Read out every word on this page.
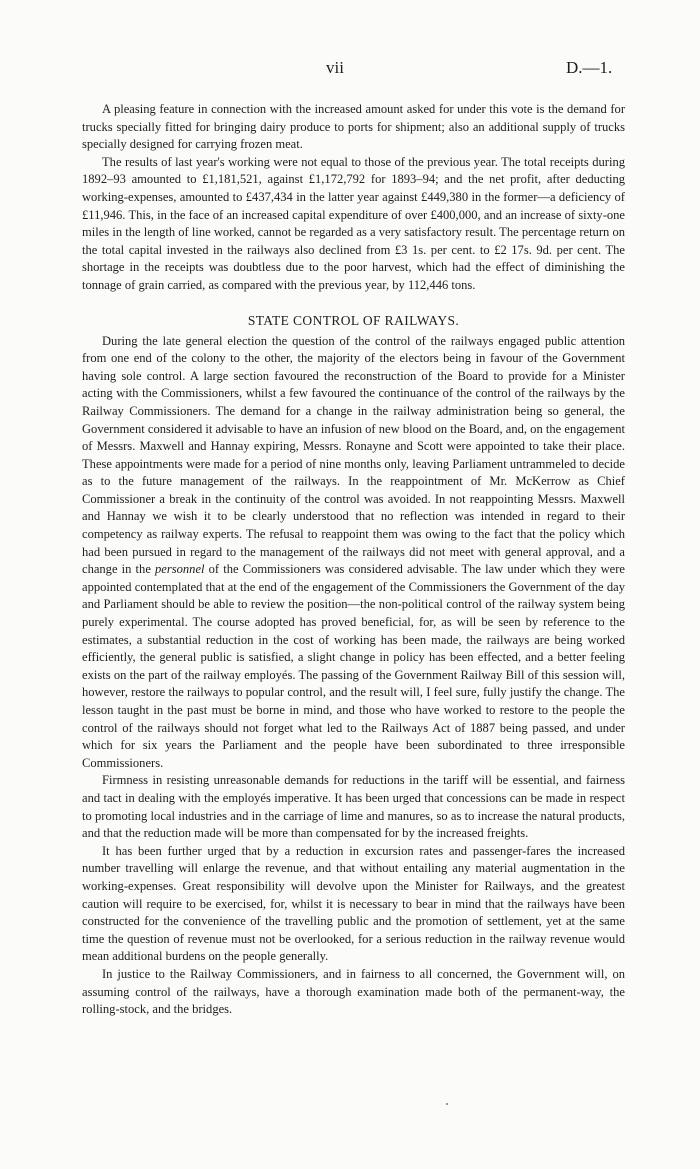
vii	D.—1.

A pleasing feature in connection with the increased amount asked for under this vote is the demand for trucks specially fitted for bringing dairy produce to ports for shipment; also an additional supply of trucks specially designed for carrying frozen meat.

The results of last year's working were not equal to those of the previous year. The total receipts during 1892–93 amounted to £1,181,521, against £1,172,792 for 1893–94; and the net profit, after deducting working-expenses, amounted to £437,434 in the latter year against £449,380 in the former—a deficiency of £11,946. This, in the face of an increased capital expenditure of over £400,000, and an increase of sixty-one miles in the length of line worked, cannot be regarded as a very satisfactory result. The percentage return on the total capital invested in the railways also declined from £3 1s. per cent. to £2 17s. 9d. per cent. The shortage in the receipts was doubtless due to the poor harvest, which had the effect of diminishing the tonnage of grain carried, as compared with the previous year, by 112,446 tons.

STATE CONTROL OF RAILWAYS.

During the late general election the question of the control of the railways engaged public attention from one end of the colony to the other, the majority of the electors being in favour of the Government having sole control. A large section favoured the reconstruction of the Board to provide for a Minister acting with the Commissioners, whilst a few favoured the continuance of the control of the railways by the Railway Commissioners. The demand for a change in the railway administration being so general, the Government considered it advisable to have an infusion of new blood on the Board, and, on the engagement of Messrs. Maxwell and Hannay expiring, Messrs. Ronayne and Scott were appointed to take their place. These appointments were made for a period of nine months only, leaving Parliament untrammeled to decide as to the future management of the railways. In the reappointment of Mr. McKerrow as Chief Commissioner a break in the continuity of the control was avoided. In not reappointing Messrs. Maxwell and Hannay we wish it to be clearly understood that no reflection was intended in regard to their competency as railway experts. The refusal to reappoint them was owing to the fact that the policy which had been pursued in regard to the management of the railways did not meet with general approval, and a change in the personnel of the Commissioners was considered advisable. The law under which they were appointed contemplated that at the end of the engagement of the Commissioners the Government of the day and Parliament should be able to review the position—the non-political control of the railway system being purely experimental. The course adopted has proved beneficial, for, as will be seen by reference to the estimates, a substantial reduction in the cost of working has been made, the railways are being worked efficiently, the general public is satisfied, a slight change in policy has been effected, and a better feeling exists on the part of the railway employés. The passing of the Government Railway Bill of this session will, however, restore the railways to popular control, and the result will, I feel sure, fully justify the change. The lesson taught in the past must be borne in mind, and those who have worked to restore to the people the control of the railways should not forget what led to the Railways Act of 1887 being passed, and under which for six years the Parliament and the people have been subordinated to three irresponsible Commissioners.

Firmness in resisting unreasonable demands for reductions in the tariff will be essential, and fairness and tact in dealing with the employés imperative. It has been urged that concessions can be made in respect to promoting local industries and in the carriage of lime and manures, so as to increase the natural products, and that the reduction made will be more than compensated for by the increased freights.

It has been further urged that by a reduction in excursion rates and passenger-fares the increased number travelling will enlarge the revenue, and that without entailing any material augmentation in the working-expenses. Great responsibility will devolve upon the Minister for Railways, and the greatest caution will require to be exercised, for, whilst it is necessary to bear in mind that the railways have been constructed for the convenience of the travelling public and the promotion of settlement, yet at the same time the question of revenue must not be overlooked, for a serious reduction in the railway revenue would mean additional burdens on the people generally.

In justice to the Railway Commissioners, and in fairness to all concerned, the Government will, on assuming control of the railways, have a thorough examination made both of the permanent-way, the rolling-stock, and the bridges.
